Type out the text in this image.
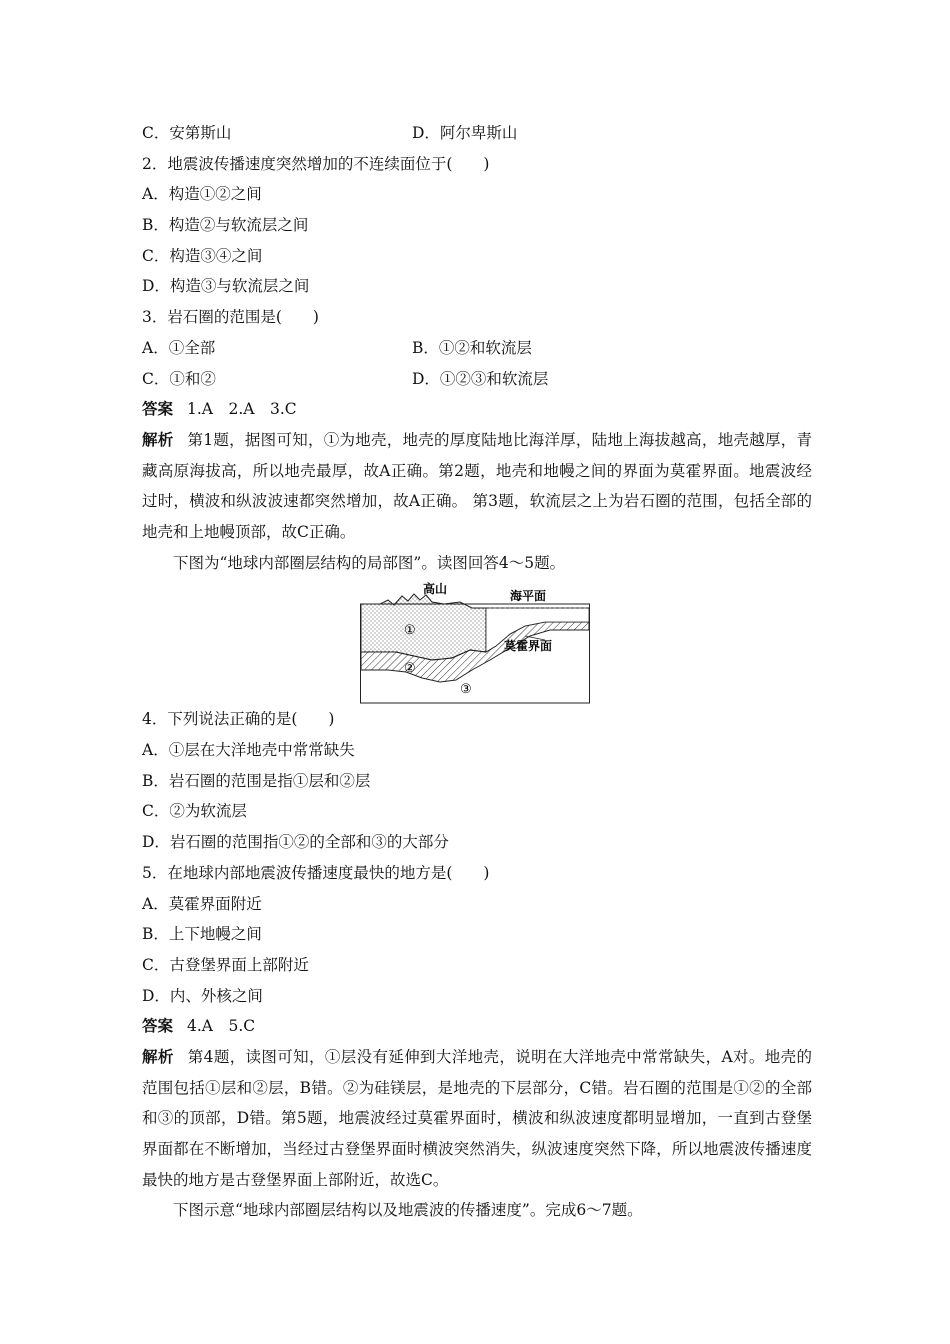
C．安第斯山	D．阿尔卑斯山
2．地震波传播速度突然增加的不连续面位于(　　)
A．构造①②之间
B．构造②与软流层之间
C．构造③④之间
D．构造③与软流层之间
3．岩石圈的范围是(　　)
A．①全部	B．①②和软流层
C．①和②	D．①②③和软流层
答案 1.A　2.A　3.C
解析 第1题，据图可知，①为地壳，地壳的厚度陆地比海洋厚，陆地上海拔越高，地壳越厚，青藏高原海拔高，所以地壳最厚，故A正确。第2题，地壳和地幔之间的界面为莫霍界面。地震波经过时，横波和纵波波速都突然增加，故A正确。 第3题，软流层之上为岩石圈的范围，包括全部的地壳和上地幔顶部，故C正确。
下图为“地球内部圈层结构的局部图”。读图回答4～5题。
高山	海平面
①
②
③
莫霍界面
4．下列说法正确的是(　　)
A．①层在大洋地壳中常常缺失
B．岩石圈的范围是指①层和②层
C．②为软流层
D．岩石圈的范围指①②的全部和③的大部分
5．在地球内部地震波传播速度最快的地方是(　　)
A．莫霍界面附近
B．上下地幔之间
C．古登堡界面上部附近
D．内、外核之间
答案 4.A　5.C
解析 第4题，读图可知，①层没有延伸到大洋地壳，说明在大洋地壳中常常缺失，A对。地壳的范围包括①层和②层，B错。②为硅镁层，是地壳的下层部分，C错。岩石圈的范围是①②的全部和③的顶部，D错。第5题，地震波经过莫霍界面时，横波和纵波速度都明显增加，一直到古登堡界面都在不断增加，当经过古登堡界面时横波突然消失，纵波速度突然下降，所以地震波传播速度最快的地方是古登堡界面上部附近，故选C。
下图示意“地球内部圈层结构以及地震波的传播速度”。完成6～7题。
